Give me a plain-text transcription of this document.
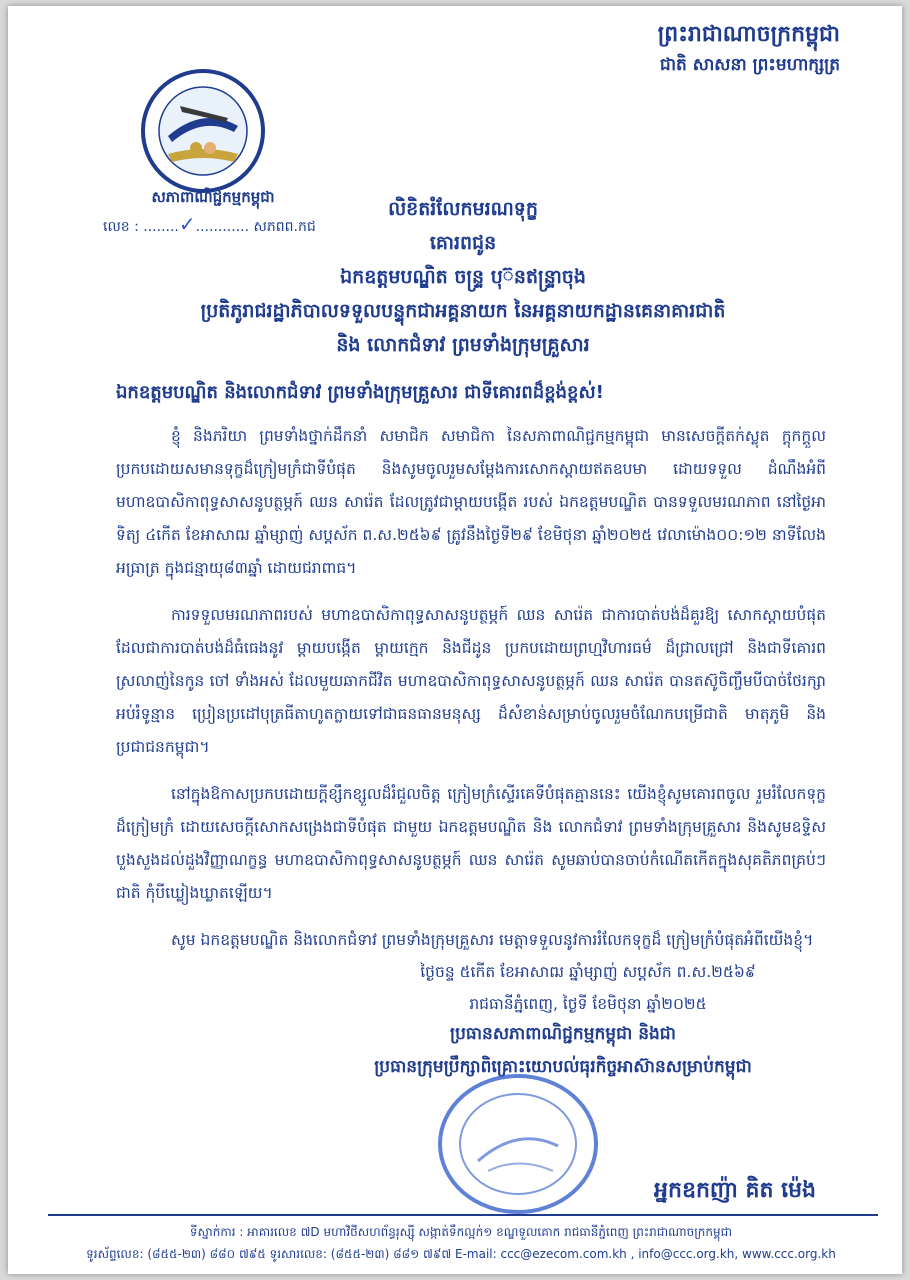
សភាពាណិជ្ជកម្មកម្ពុជា
លេខ : ........✓............ សភពព.កជ
ព្រះរាជាណាចក្រកម្ពុជា
ជាតិ សាសនា ព្រះមហាក្សត្រ
លិខិតរំលែកមរណទុក្ខ
គោរពជូន
ឯកឧត្តមបណ្ឌិត ចន្ទ្រ បុ៊នឥន្ទ្រាចុង
ប្រតិភូរាជរដ្ឋាភិបាលទទួលបន្ទុកជាអគ្គនាយក នៃអគ្គនាយកដ្ឋានគេនាគារជាតិ
និង លោកជំទាវ ព្រមទាំងក្រុមគ្រួសារ
ឯកឧត្តមបណ្ឌិត និងលោកជំទាវ ព្រមទាំងក្រុមគ្រួសារ ជាទីគោរពដ៏ខ្ពង់ខ្ពស់!

ខ្ញុំ និងភរិយា ព្រមទាំងថ្នាក់ដឹកនាំ សមាជិក សមាជិកា នៃសភាពាណិជ្ជកម្មកម្ពុជា មានសេចក្តីតក់ស្លុត ក្តុកក្តួលប្រកបដោយសមានទុក្ខដ៏ក្រៀមក្រំជាទីបំផុត និងសូមចូលរួមសម្តែងការសោកស្តាយឥតឧបមា ដោយទទួល ដំណឹងអំពី មហាឧបាសិកាពុទ្ធសាសនូបត្ថម្ភក៍ ឈន សារ៉េត ដែលត្រូវជាម្តាយបង្កើត របស់ ឯកឧត្តមបណ្ឌិត បានទទួលមរណភាព នៅថ្ងៃអាទិត្យ ៤កើត ខែអាសាឍ ឆ្នាំម្សាញ់ សប្តស័ក ព.ស.២៥៦៩ ត្រូវនឹងថ្ងៃទី២៩ ខែមិថុនា ឆ្នាំ២០២៥ វេលាម៉ោង០០:១២ នាទីលែងអធ្រាត្រ ក្នុងជន្មាយុ៨៣ឆ្នាំ ដោយជរាពាធ។

ការទទួលមរណភាពរបស់ មហាឧបាសិកាពុទ្ធសាសនូបត្ថម្ភក៍ ឈន សារ៉េត ជាការបាត់បង់ដ៏គួរឱ្យ សោកស្តាយបំផុត ដែលជាការបាត់បង់ដ៏ធំធេងនូវ ម្តាយបង្កើត ម្តាយក្មេក និងជីដូន ប្រកបដោយព្រហ្មវិហារធម៌ ដ៏ជ្រាលជ្រៅ និងជាទីគោរពស្រលាញ់នៃកូន ចៅ ទាំងអស់ ដែលមួយឆាកជីវិត មហាឧបាសិកាពុទ្ធសាសនូបត្ថម្ភក៍ ឈន សារ៉េត បានតស៊ូចិញ្ចឹមបីបាច់ថែរក្សា អប់រំទូន្មាន ប្រៀនប្រដៅបុត្រធីតាហូតក្លាយទៅជាធនធានមនុស្ស ដ៏សំខាន់សម្រាប់ចូលរួមចំណែកបម្រើជាតិ មាតុភូមិ និងប្រជាជនកម្ពុជា។

នៅក្នុងឱកាសប្រកបដោយក្តីខ្សឹកខ្សួលដ៏រំជួលចិត្ត ក្រៀមក្រំស្ទើរគេទីបំផុតគ្មាននេះ យើងខ្ញុំសូមគោរពចូល រួមរំលែកទុក្ខដ៏ក្រៀមក្រំ ដោយសេចក្តីសោកសង្រេងជាទីបំផុត ជាមួយ ឯកឧត្តមបណ្ឌិត និង លោកជំទាវ ព្រមទាំងក្រុមគ្រួសារ និងសូមឧទ្ទិសបួងសួងដល់ដួងវិញ្ញាណក្ខន្ធ មហាឧបាសិកាពុទ្ធសាសនូបត្ថម្ភក៍ ឈន សារ៉េត សូមឆាប់បានចាប់កំណើតកើតក្នុងសុគតិភពគ្រប់ៗជាតិ កុំបីឃ្លៀងឃ្លាតឡើយ។

សូម ឯកឧត្តមបណ្ឌិត និងលោកជំទាវ ព្រមទាំងក្រុមគ្រួសារ មេត្តាទទួលនូវការរំលែកទុក្ខដ៏ ក្រៀមក្រំបំផុតអំពីយើងខ្ញុំ។

ថ្ងៃចន្ទ ៥កើត ខែអាសាឍ ឆ្នាំម្សាញ់ សប្តស័ក ព.ស.២៥៦៩
រាជធានីភ្នំពេញ, ថ្ងៃទី ខែមិថុនា ឆ្នាំ២០២៥
ប្រធានសភាពាណិជ្ជកម្មកម្ពុជា និងជា
ប្រធានក្រុមប្រឹក្សាពិគ្រោះយោបល់ធុរកិច្ចអាស៊ានសម្រាប់កម្ពុជា
អ្នកឧកញ៉ា គិត ម៉េង
ទីស្នាក់ការ : អាគារលេខ ៧D មហាវិថីសហព័ន្ធរុស្ស៊ី សង្កាត់ទឹកល្អក់១ ខណ្ឌទួលគោក រាជធានីភ្នំពេញ ព្រះរាជាណាចក្រកម្ពុជា
ទូរស័ព្ទលេខ: (៨៥៥-២៣) ៨៨០ ៧៩៥ ទូរសារលេខ: (៨៥៥-២៣) ៨៨១ ៧៩៧ E-mail: ccc@ezecom.com.kh , info@ccc.org.kh, www.ccc.org.kh
